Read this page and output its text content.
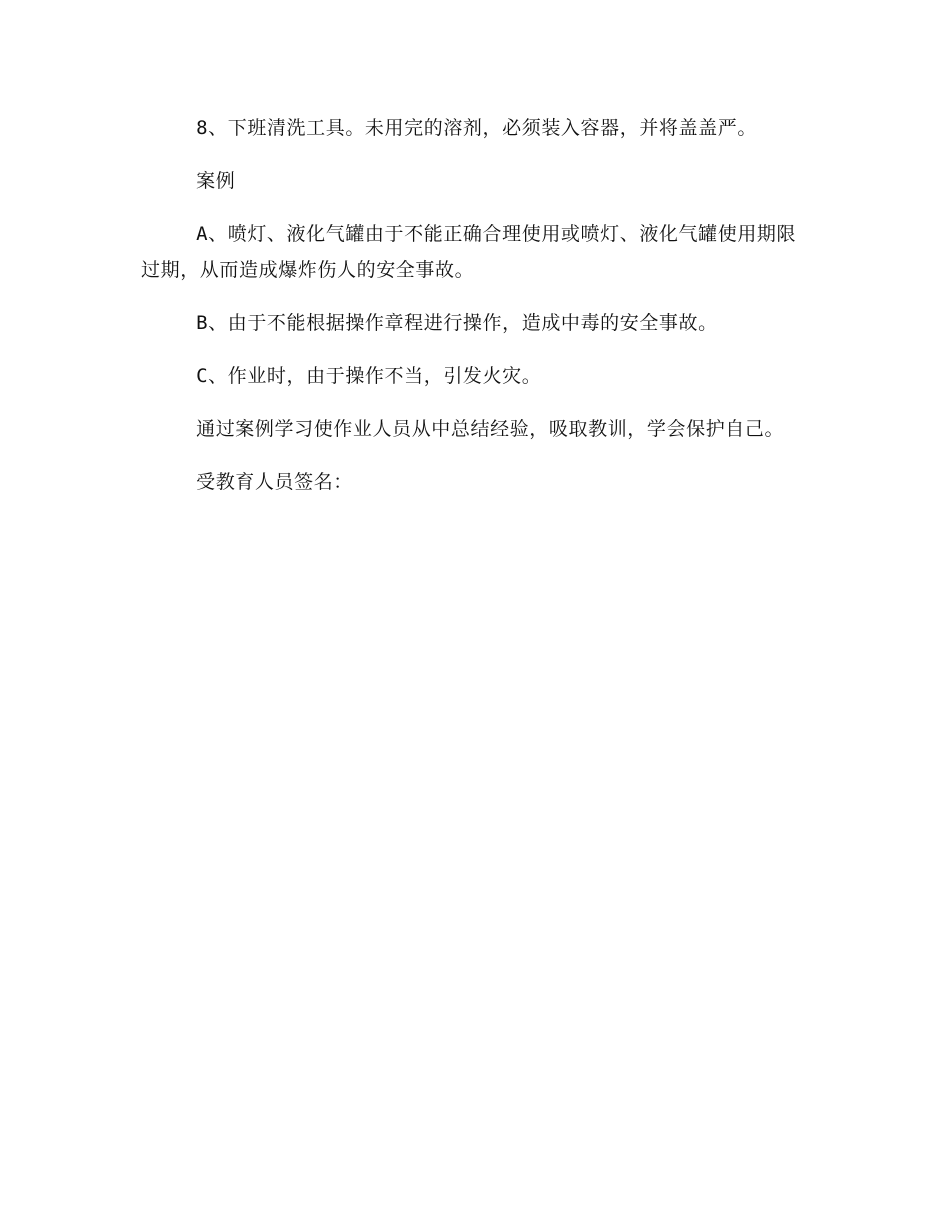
8、下班清洗工具。未用完的溶剂，必须装入容器，并将盖盖严。

案例

A、喷灯、液化气罐由于不能正确合理使用或喷灯、液化气罐使用期限过期，从而造成爆炸伤人的安全事故。

B、由于不能根据操作章程进行操作，造成中毒的安全事故。

C、作业时，由于操作不当，引发火灾。

通过案例学习使作业人员从中总结经验，吸取教训，学会保护自己。

受教育人员签名：
